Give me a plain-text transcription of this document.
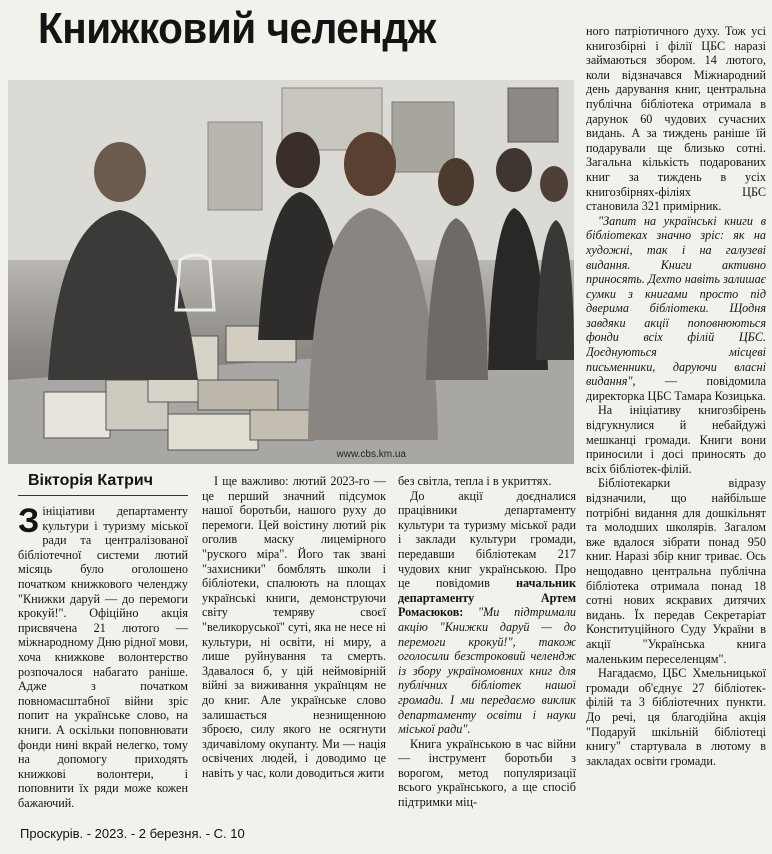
Книжковий челендж
www.cbs.km.ua
Вікторія Катрич

Зініціативи департаменту культури і туризму міської ради та централізованої бібліотечної системи лютий місяць було оголошено початком книжкового челенджу "Книжки даруй — до перемоги крокуй!". Офіційно акція присвячена 21 лютого — міжнародному Дню рідної мови, хоча книжкове волонтерство розпочалося набагато раніше. Адже з початком повномасштабної війни зріс попит на українське слово, на книги. А оскільки поповнювати фонди нині вкрай нелегко, тому на допомогу приходять книжкові волонтери, і поповнити їх ряди може кожен бажаючий.

І ще важливо: лютий 2023-го — це перший значний підсумок нашої боротьби, нашого руху до перемоги. Цей воістину лютий рік оголив маску лицемірного "руского міра". Його так звані "захисники" бомблять школи і бібліотеки, спалюють на площах українські книги, демонструючи світу темряву своєї "великоруської" суті, яка не несе ні культури, ні освіти, ні миру, а лише руйнування та смерть. Здавалося б, у цій неймовірній війні за виживання українцям не до книг. Але українське слово залишається незнищенною зброєю, силу якого не осягнути здичавілому окупанту. Ми — нація освічених людей, і доводимо це навіть у час, коли доводиться жити

без світла, тепла і в укриттях.

До акції доєдналися працівники департаменту культури та туризму міської ради і заклади культури громади, передавши бібліотекам 217 чудових книг українською. Про це повідомив начальник департаменту Артем Ромасюков: "Ми підтримали акцію "Книжки даруй — до перемоги крокуй!", також оголосили безстроковий челендж із збору україномовних книг для публічних бібліотек нашої громади. І ми передаємо виклик департаменту освіти і науки міської ради".

Книга українською в час війни — інструмент боротьби з ворогом, метод популяризації всього українського, а ще спосіб підтримки міц-

ного патріотичного духу. Тож усі книгозбірні і філії ЦБС наразі займаються збором. 14 лютого, коли відзначався Міжнародний день дарування книг, центральна публічна бібліотека отримала в дарунок 60 чудових сучасних видань. А за тиждень раніше їй подарували ще близько сотні. Загальна кількість подарованих книг за тиждень в усіх книгозбірнях-філіях ЦБС становила 321 примірник.

"Запит на українські книги в бібліотеках значно зріс: як на художні, так і на галузеві видання. Книги активно приносять. Дехто навіть залишає сумки з книгами просто під дверима бібліотеки. Щодня завдяки акції поповнюються фонди всіх філій ЦБС. Доєднуються місцеві письменники, даруючи власні видання", — повідомила директорка ЦБС Тамара Козицька.

На ініціативу книгозбірень відгукнулися й небайдужі мешканці громади. Книги вони приносили і досі приносять до всіх бібліотек-філій.

Бібліотекарки відразу відзначили, що найбільше потрібні видання для дошкільнят та молодших школярів. Загалом вже вдалося зібрати понад 950 книг. Наразі збір книг триває. Ось нещодавно центральна публічна бібліотека отримала понад 18 сотні нових яскравих дитячих видань. Їх передав Секретаріат Конституційного Суду України в акції "Українська книга маленьким переселенцям".

Нагадаємо, ЦБС Хмельницької громади об'єднує 27 бібліотек-філій та 3 бібліотечних пункти. До речі, ця благодійна акція "Подаруй шкільній бібліотеці книгу" стартувала в лютому в закладах освіти громади.

Проскурів. - 2023. - 2 березня. - С. 10
